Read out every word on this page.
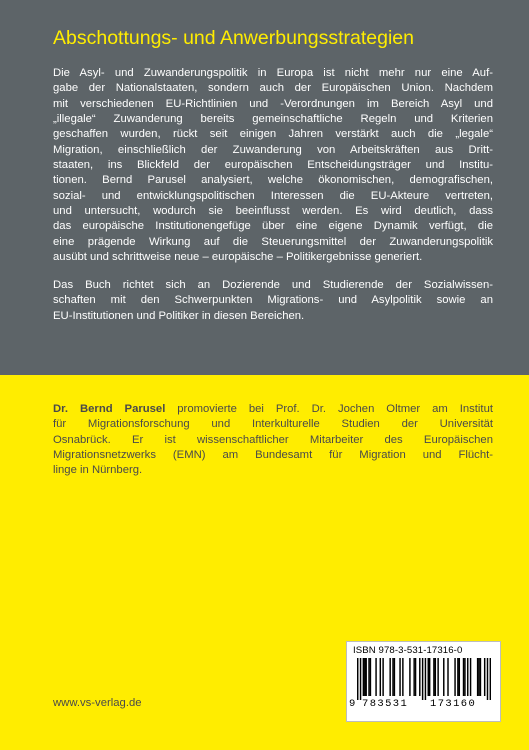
Abschottungs- und Anwerbungsstrategien

Die Asyl- und Zuwanderungspolitik in Europa ist nicht mehr nur eine Auf-
gabe der Nationalstaaten, sondern auch der Europäischen Union. Nachdem
mit verschiedenen EU-Richtlinien und -Verordnungen im Bereich Asyl und
„illegale“ Zuwanderung bereits gemeinschaftliche Regeln und Kriterien
geschaffen wurden, rückt seit einigen Jahren verstärkt auch die „legale“
Migration, einschließlich der Zuwanderung von Arbeitskräften aus Dritt-
staaten, ins Blickfeld der europäischen Entscheidungsträger und Institu-
tionen. Bernd Parusel analysiert, welche ökonomischen, demografischen,
sozial- und entwicklungspolitischen Interessen die EU-Akteure vertreten,
und untersucht, wodurch sie beeinflusst werden. Es wird deutlich, dass
das europäische Institutionengefüge über eine eigene Dynamik verfügt, die
eine prägende Wirkung auf die Steuerungsmittel der Zuwanderungspolitik
ausübt und schrittweise neue – europäische – Politikergebnisse generiert.

Das Buch richtet sich an Dozierende und Studierende der Sozialwissen-
schaften mit den Schwerpunkten Migrations- und Asylpolitik sowie an
EU-Institutionen und Politiker in diesen Bereichen.

Dr. Bernd Parusel promovierte bei Prof. Dr. Jochen Oltmer am Institut
für Migrationsforschung und Interkulturelle Studien der Universität
Osnabrück. Er ist wissenschaftlicher Mitarbeiter des Europäischen
Migrationsnetzwerks (EMN) am Bundesamt für Migration und Flücht-
linge in Nürnberg.

www.vs-verlag.de
ISBN 978-3-531-17316-0
9 783531 173160
